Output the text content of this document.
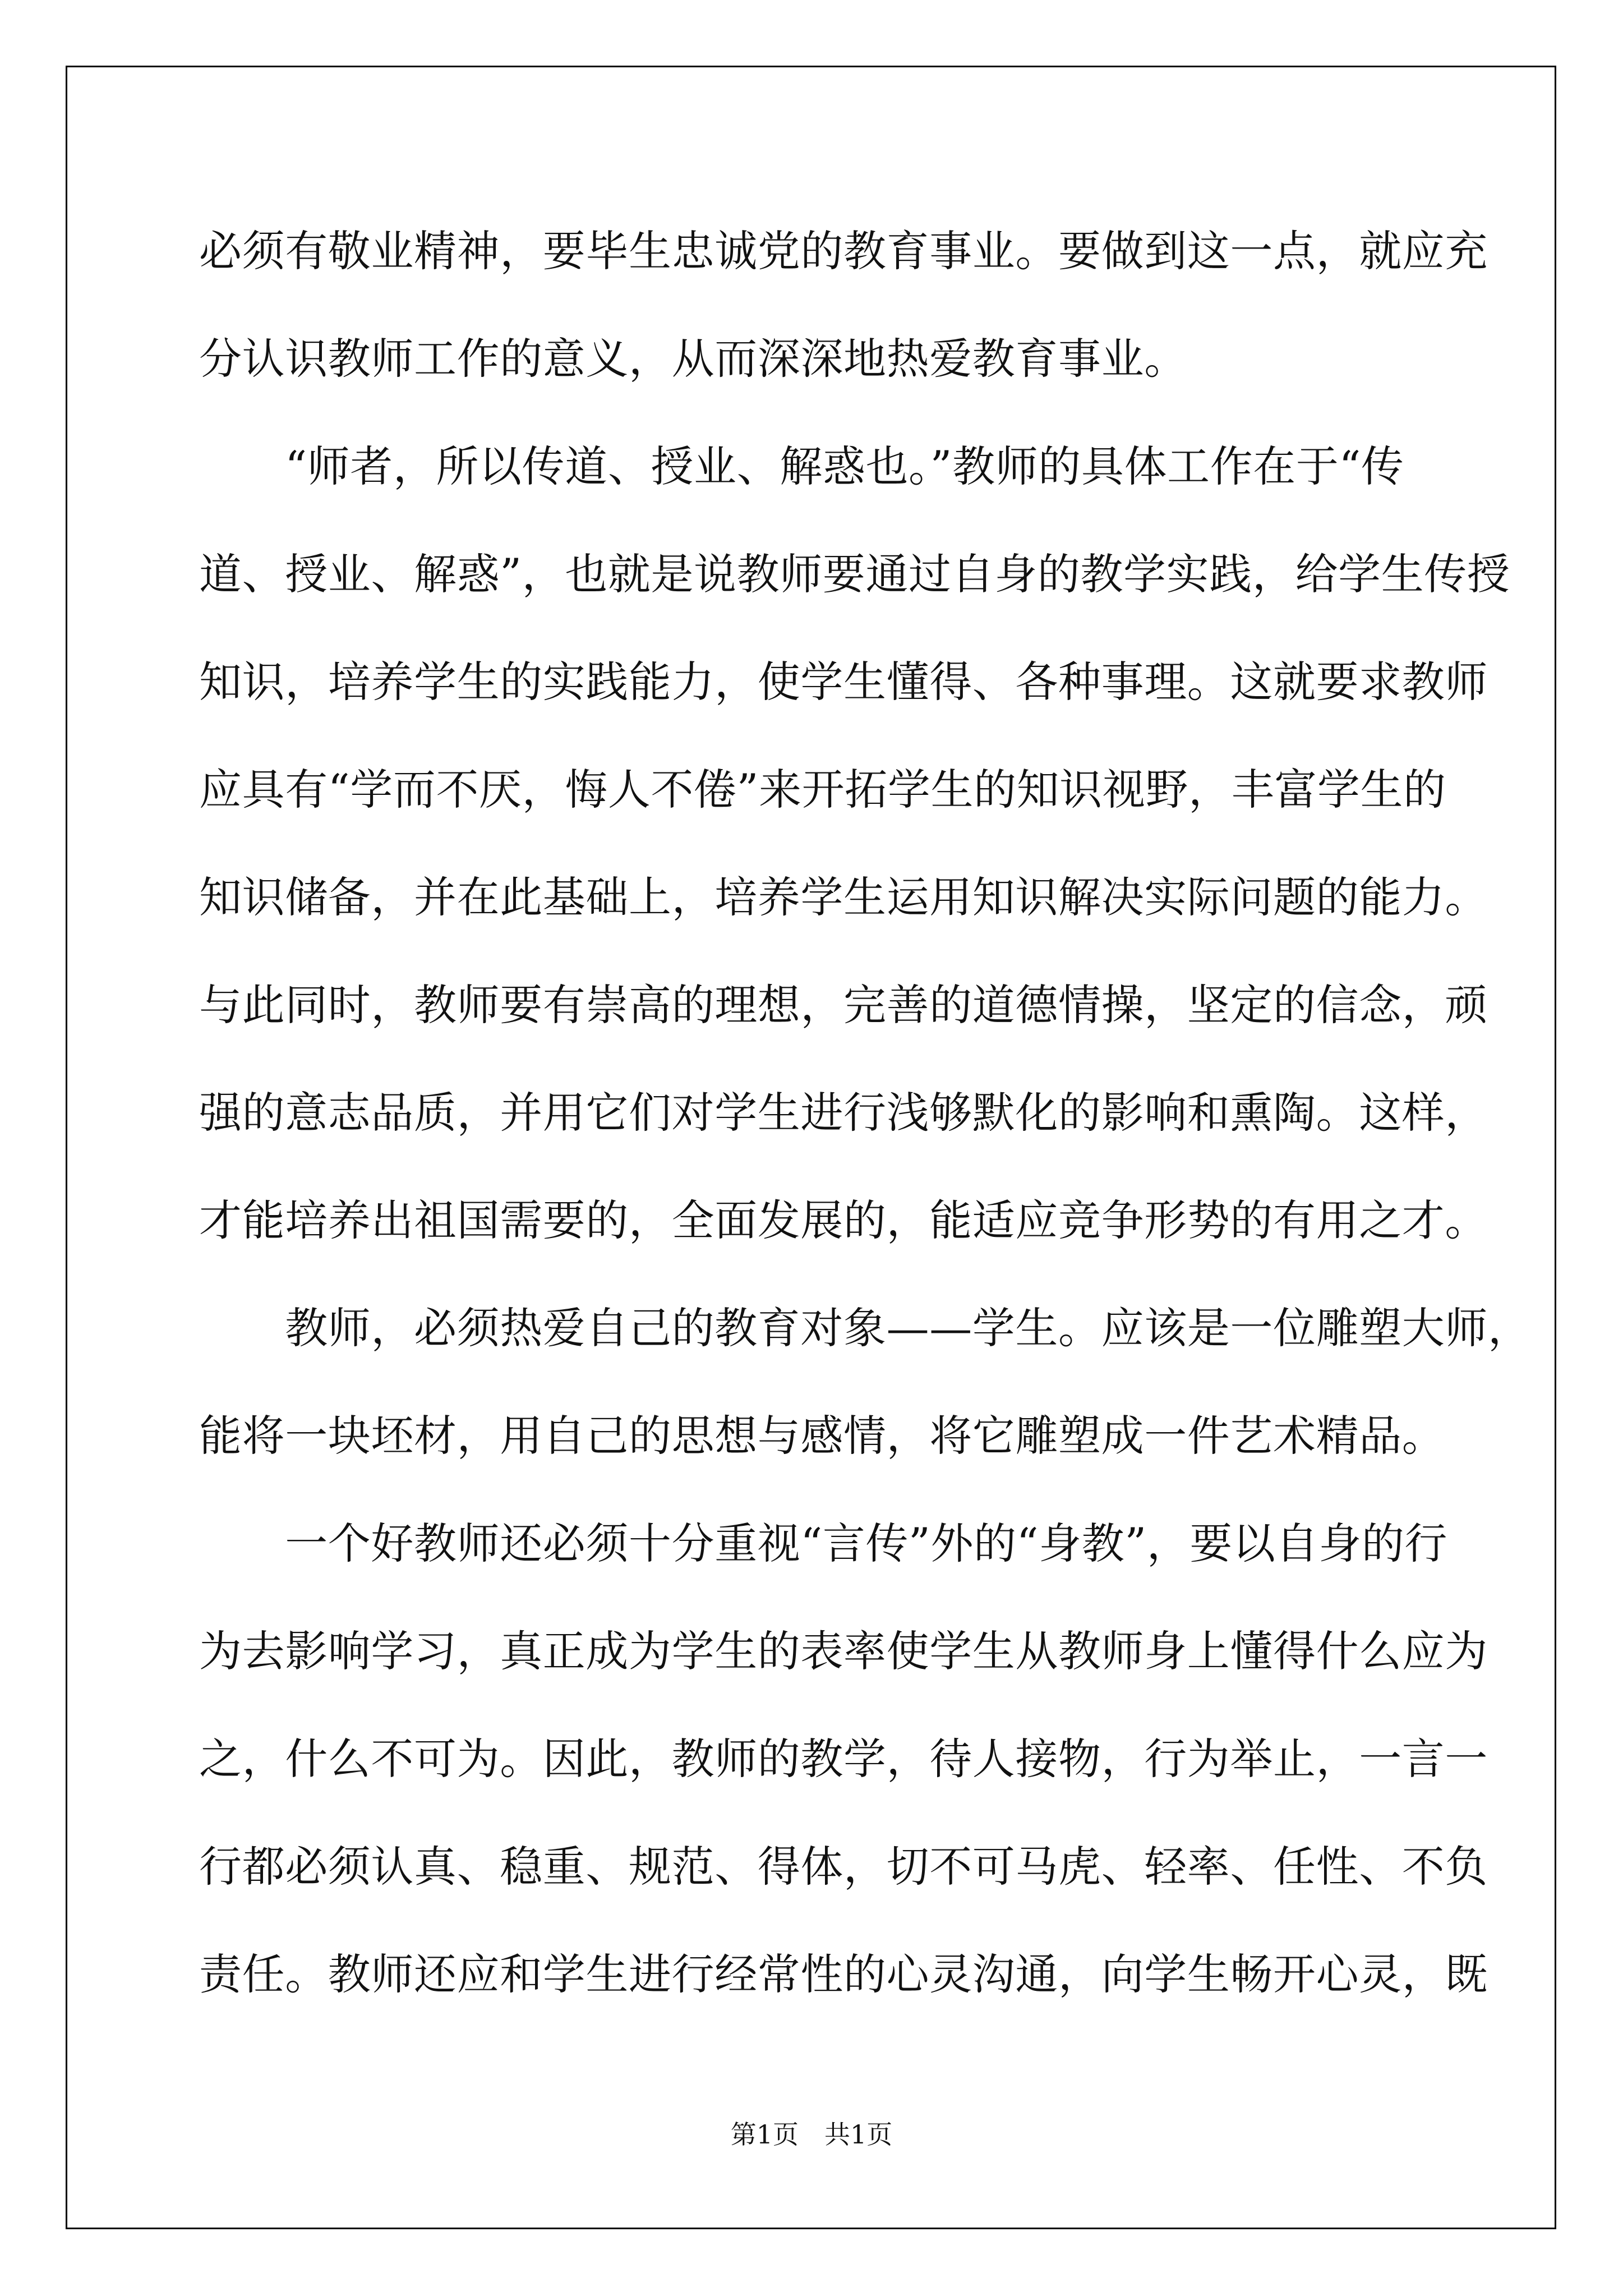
必须有敬业精神，要毕生忠诚党的教育事业。要做到这一点，就应充
分认识教师工作的意义，从而深深地热爱教育事业。
　　“师者，所以传道、授业、解惑也。”教师的具体工作在于“传
道、授业、解惑”，也就是说教师要通过自身的教学实践，给学生传授
知识，培养学生的实践能力，使学生懂得、各种事理。这就要求教师
应具有“学而不厌，悔人不倦”来开拓学生的知识视野，丰富学生的
知识储备，并在此基础上，培养学生运用知识解决实际问题的能力。
与此同时，教师要有崇高的理想，完善的道德情操，坚定的信念，顽
强的意志品质，并用它们对学生进行浅够默化的影响和熏陶。这样，
才能培养出祖国需要的，全面发展的，能适应竞争形势的有用之才。
　　教师，必须热爱自己的教育对象——学生。应该是一位雕塑大师，
能将一块坯材，用自己的思想与感情，将它雕塑成一件艺术精品。
　　一个好教师还必须十分重视“言传”外的“身教”，要以自身的行
为去影响学习，真正成为学生的表率使学生从教师身上懂得什么应为
之，什么不可为。因此，教师的教学，待人接物，行为举止，一言一
行都必须认真、稳重、规范、得体，切不可马虎、轻率、任性、不负
责任。教师还应和学生进行经常性的心灵沟通，向学生畅开心灵，既
第1页　共1页
